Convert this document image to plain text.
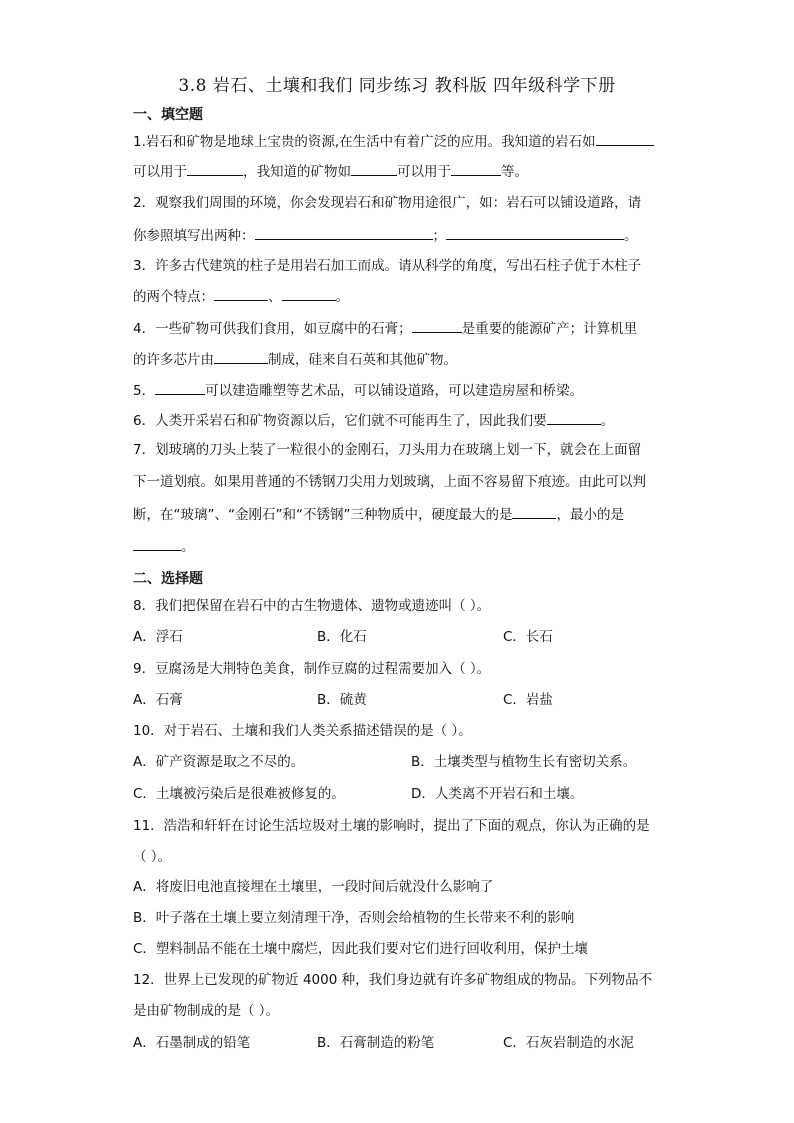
3.8 岩石、土壤和我们 同步练习 教科版 四年级科学下册
一、填空题
1.岩石和矿物是地球上宝贵的资源,在生活中有着广泛的应用。我知道的岩石如
可以用于	，我知道的矿物如	可以用于	等。
2．观察我们周围的环境，你会发现岩石和矿物用途很广，如：岩石可以铺设道路，请
你参照填写出两种：	；	。
3．许多古代建筑的柱子是用岩石加工而成。请从科学的角度，写出石柱子优于木柱子
的两个特点：	、	。
4．一些矿物可供我们食用，如豆腐中的石膏；	是重要的能源矿产；计算机里
的许多芯片由	制成，硅来自石英和其他矿物。
5．	可以建造雕塑等艺术品，可以铺设道路，可以建造房屋和桥梁。
6．人类开采岩石和矿物资源以后，它们就不可能再生了，因此我们要	。
7．划玻璃的刀头上装了一粒很小的金刚石，刀头用力在玻璃上划一下，就会在上面留
下一道划痕。如果用普通的不锈钢刀尖用力划玻璃，上面不容易留下痕迹。由此可以判
断，在“玻璃”、“金刚石”和“不锈钢”三种物质中，硬度最大的是	，最小的是
。
二、选择题
8．我们把保留在岩石中的古生物遗体、遗物或遗迹叫（ ）。
A．浮石	B．化石	C．长石
9．豆腐汤是大荆特色美食，制作豆腐的过程需要加入（ ）。
A．石膏	B．硫黄	C．岩盐
10．对于岩石、土壤和我们人类关系描述错误的是（ ）。
A．矿产资源是取之不尽的。	B．土壤类型与植物生长有密切关系。
C．土壤被污染后是很难被修复的。	D．人类离不开岩石和土壤。
11．浩浩和轩轩在讨论生活垃圾对土壤的影响时，提出了下面的观点，你认为正确的是
（ ）。
A．将废旧电池直接埋在土壤里，一段时间后就没什么影响了
B．叶子落在土壤上要立刻清理干净，否则会给植物的生长带来不利的影响
C．塑料制品不能在土壤中腐烂，因此我们要对它们进行回收利用，保护土壤
12．世界上已发现的矿物近 4000 种，我们身边就有许多矿物组成的物品。下列物品不
是由矿物制成的是（ ）。
A．石墨制成的铅笔	B．石膏制造的粉笔	C．石灰岩制造的水泥
